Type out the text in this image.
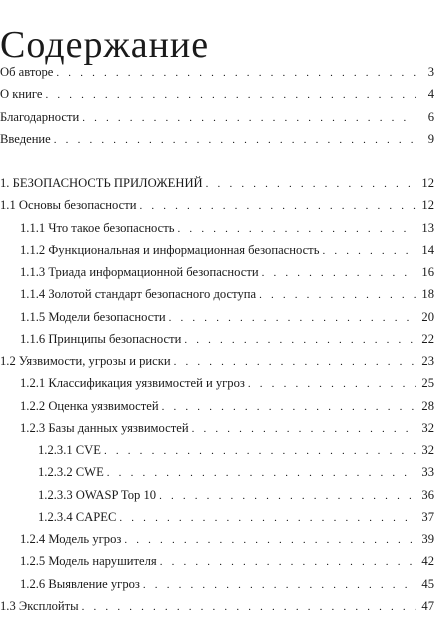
Содержание
Об авторе . . .	3
О книге . . .	4
Благодарности . . .	6
Введение . . .	9
1. БЕЗОПАСНОСТЬ ПРИЛОЖЕНИЙ . . .	12
1.1 Основы безопасности . . .	12
1.1.1 Что такое безопасность . . .	13
1.1.2 Функциональная и информационная безопасность . . .	14
1.1.3 Триада информационной безопасности . . .	16
1.1.4 Золотой стандарт безопасного доступа . . .	18
1.1.5 Модели безопасности . . .	20
1.1.6 Принципы безопасности . . .	22
1.2 Уязвимости, угрозы и риски . . .	23
1.2.1 Классификация уязвимостей и угроз . . .	25
1.2.2 Оценка уязвимостей . . .	28
1.2.3 Базы данных уязвимостей . . .	32
1.2.3.1 CVE . . .	32
1.2.3.2 CWE . . .	33
1.2.3.3 OWASP Top 10 . . .	36
1.2.3.4 CAPEC . . .	37
1.2.4 Модель угроз . . .	39
1.2.5 Модель нарушителя . . .	42
1.2.6 Выявление угроз . . .	45
1.3 Эксплойты . . .	47
